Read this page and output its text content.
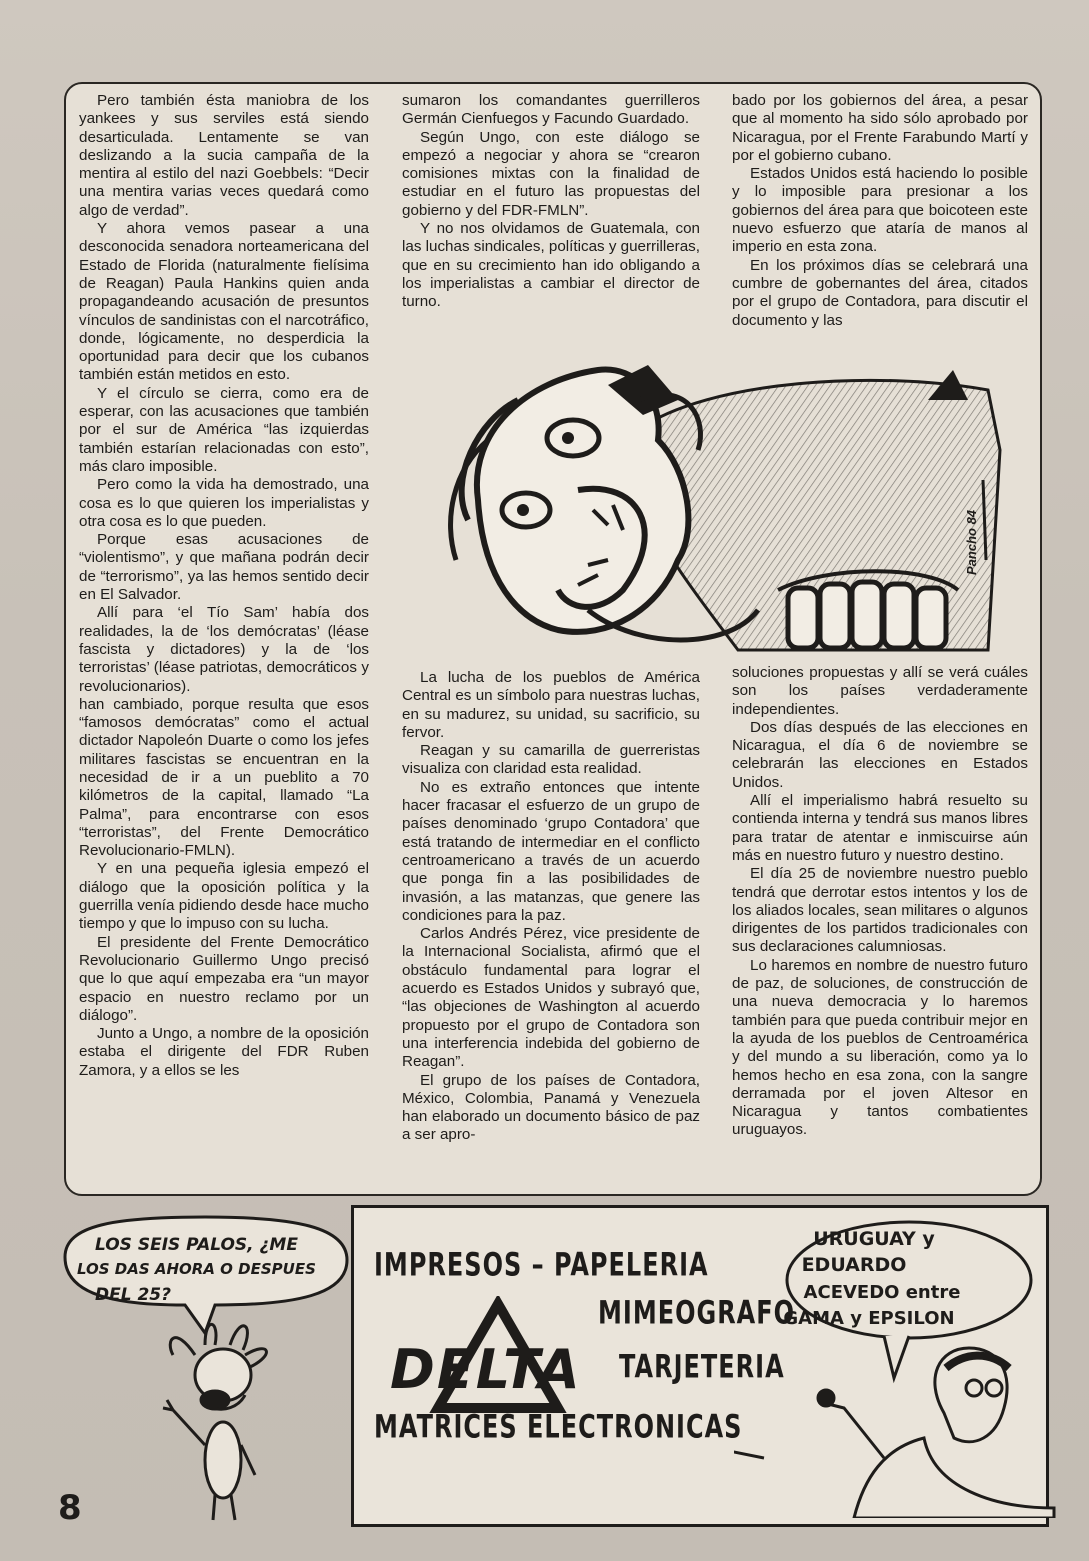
Pero también ésta maniobra de los yankees y sus serviles está siendo desarticulada. Lentamente se van deslizando a la sucia campaña de la mentira al estilo del nazi Goebbels: “Decir una mentira varias veces quedará como algo de verdad”.

Y ahora vemos pasear a una desconocida senadora norteamericana del Estado de Florida (naturalmente fielísima de Reagan) Paula Hankins quien anda propagandeando acusación de presuntos vínculos de sandinistas con el narcotráfico, donde, lógicamente, no desperdicia la oportunidad para decir que los cubanos también están metidos en esto.

Y el círculo se cierra, como era de esperar, con las acusaciones que también por el sur de América “las izquierdas también estarían relacionadas con esto”, más claro imposible.

Pero como la vida ha demostrado, una cosa es lo que quieren los imperialistas y otra cosa es lo que pueden.

Porque esas acusaciones de “violentismo”, y que mañana podrán decir de “terrorismo”, ya las hemos sentido decir en El Salvador.

Allí para ‘el Tío Sam’ había dos realidades, la de ‘los demócratas’ (léase fascista y dictadores) y la de ‘los terroristas’ (léase patriotas, democráticos y revolucionarios).

han cambiado, porque resulta que esos “famosos demócratas” como el actual dictador Napoleón Duarte o como los jefes militares fascistas se encuentran en la necesidad de ir a un pueblito a 70 kilómetros de la capital, llamado “La Palma”, para encontrarse con esos “terroristas”, del Frente Democrático Revolucionario-FMLN).

Y en una pequeña iglesia empezó el diálogo que la oposición política y la guerrilla venía pidiendo desde hace mucho tiempo y que lo impuso con su lucha.

El presidente del Frente Democrático Revolucionario Guillermo Ungo precisó que lo que aquí empezaba era “un mayor espacio en nuestro reclamo por un diálogo”.

Junto a Ungo, a nombre de la oposición estaba el dirigente del FDR Ruben Zamora, y a ellos se les

sumaron los comandantes guerrilleros Germán Cienfuegos y Facundo Guardado.

Según Ungo, con este diálogo se empezó a negociar y ahora se “crearon comisiones mixtas con la finalidad de estudiar en el futuro las propuestas del gobierno y del FDR-FMLN”.

Y no nos olvidamos de Guatemala, con las luchas sindicales, políticas y guerrilleras, que en su crecimiento han ido obligando a los imperialistas a cambiar el director de turno.

bado por los gobiernos del área, a pesar que al momento ha sido sólo aprobado por Nicaragua, por el Frente Farabundo Martí y por el gobierno cubano.

Estados Unidos está haciendo lo posible y lo imposible para presionar a los gobiernos del área para que boicoteen este nuevo esfuerzo que ataría de manos al imperio en esta zona.

En los próximos días se celebrará una cumbre de gobernantes del área, citados por el grupo de Contadora, para discutir el documento y las

Pancho 84

La lucha de los pueblos de América Central es un símbolo para nuestras luchas, en su madurez, su unidad, su sacrificio, su fervor.

Reagan y su camarilla de guerreristas visualiza con claridad esta realidad.

No es extraño entonces que intente hacer fracasar el esfuerzo de un grupo de países denominado ‘grupo Contadora’ que está tratando de intermediar en el conflicto centroamericano a través de un acuerdo que ponga fin a las posibilidades de invasión, a las matanzas, que genere las condiciones para la paz.

Carlos Andrés Pérez, vice presidente de la Internacional Socialista, afirmó que el obstáculo fundamental para lograr el acuerdo es Estados Unidos y subrayó que, “las objeciones de Washington al acuerdo propuesto por el grupo de Contadora son una interferencia indebida del gobierno de Reagan”.

El grupo de los países de Contadora, México, Colombia, Panamá y Venezuela han elaborado un documento básico de paz a ser apro-

soluciones propuestas y allí se verá cuáles son los países verdaderamente independientes.

Dos días después de las elecciones en Nicaragua, el día 6 de noviembre se celebrarán las elecciones en Estados Unidos.

Allí el imperialismo habrá resuelto su contienda interna y tendrá sus manos libres para tratar de atentar e inmiscuirse aún más en nuestro futuro y nuestro destino.

El día 25 de noviembre nuestro pueblo tendrá que derrotar estos intentos y los de los aliados locales, sean militares o algunos dirigentes de los partidos tradicionales con sus declaraciones calumniosas.

Lo haremos en nombre de nuestro futuro de paz, de soluciones, de construcción de una nueva democracia y lo haremos también para que pueda contribuir mejor en la ayuda de los pueblos de Centroamérica y del mundo a su liberación, como ya lo hemos hecho en esa zona, con la sangre derramada por el joven Altesor en Nicaragua y tantos combatientes uruguayos.

LOS SEIS PALOS, ¿ME
LOS DAS AHORA O DESPUES
DEL 25?
IMPRESOS – PAPELERIA
MIMEOGRAFO
DELTA TARJETERIA
MATRICES ELECTRONICAS
URUGUAY y
EDUARDO
ACEVEDO entre
GAMA y EPSILON
8
